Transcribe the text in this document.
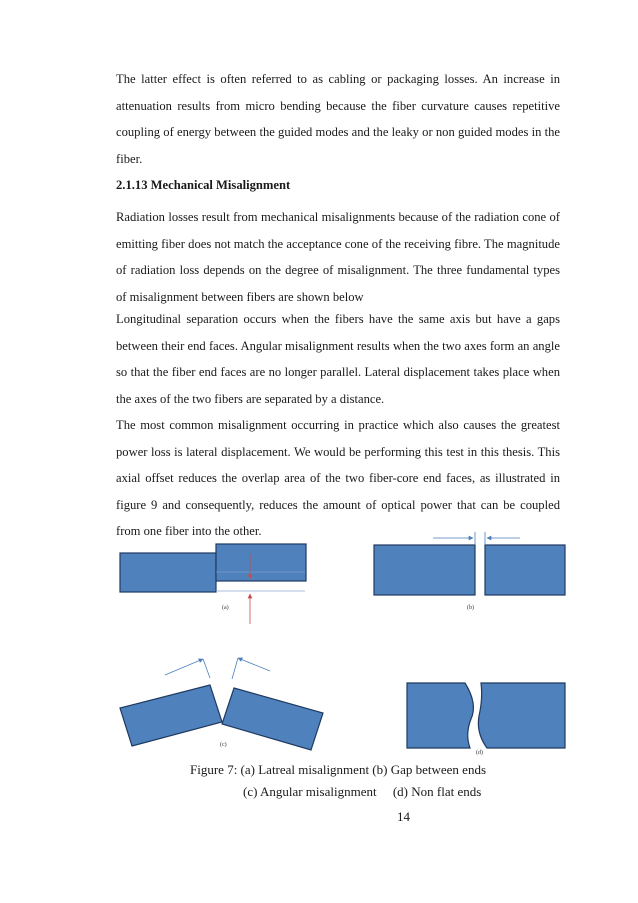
The latter effect is often referred to as cabling or packaging losses. An increase in attenuation results from micro bending because the fiber curvature causes repetitive coupling of energy between the guided modes and the leaky or non guided modes in the fiber.

2.1.13 Mechanical Misalignment

Radiation losses result from mechanical misalignments because of the radiation cone of emitting fiber does not match the acceptance cone of the receiving fibre. The magnitude of radiation loss depends on the degree of misalignment. The three fundamental types of misalignment between fibers are shown below

Longitudinal separation occurs when the fibers have the same axis but have a gaps between their end faces. Angular misalignment results when the two axes form an angle so that the fiber end faces are no longer parallel. Lateral displacement takes place when the axes of the two fibers are separated by a distance.

The most common misalignment occurring in practice which also causes the greatest power loss is lateral displacement. We would be performing this test in this thesis. This axial offset reduces the overlap area of the two fiber-core end faces, as illustrated in figure 9 and consequently, reduces the amount of optical power that can be coupled from one fiber into the other.

(a)	(b)
(c)
(d)
Figure 7: (a) Latreal misalignment (b) Gap between ends
(c) Angular misalignment     (d) Non flat ends
14
